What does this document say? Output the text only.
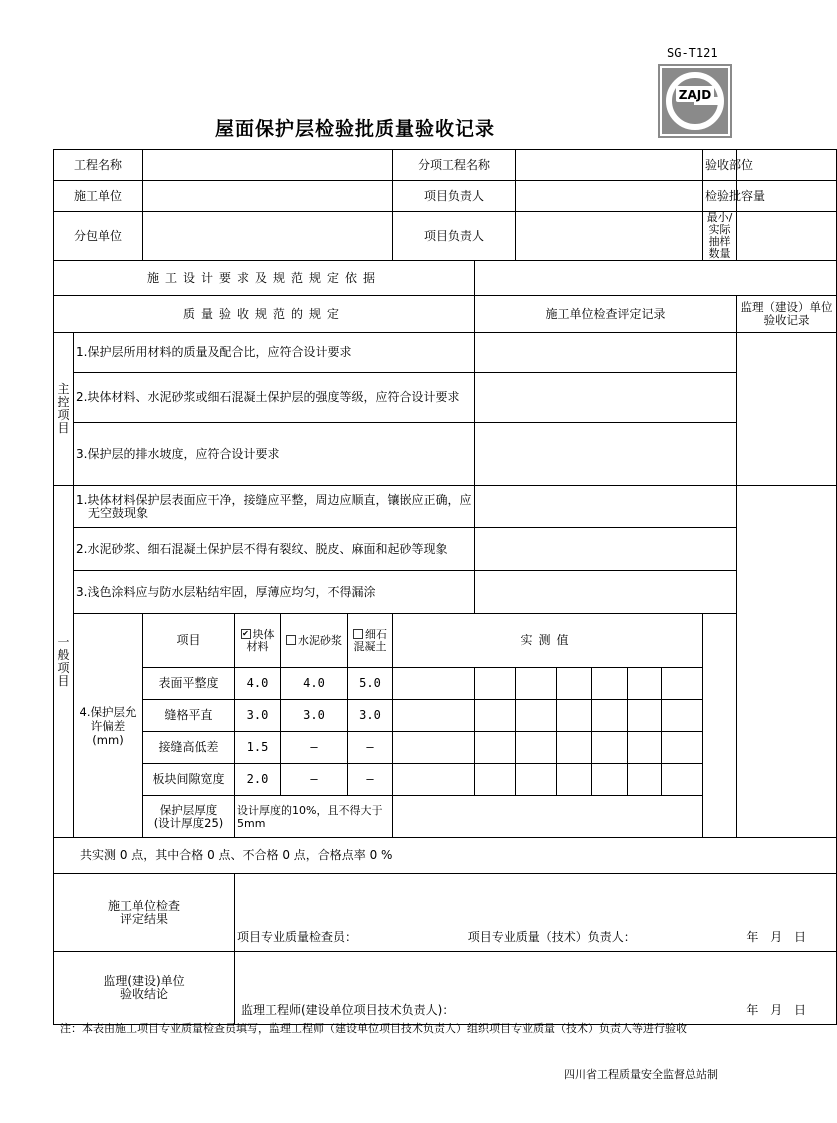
SG-T121
ZAJD
屋面保护层检验批质量验收记录
工程名称						分项工程名称							验收部位	
施工单位						项目负责人							检验批容量	
分包单位						项目负责人							最小/实际
抽样数量	
施工设计要求及规范规定依据														
质量验收规范的规定							施工单位检查评定记录							监理（建设）单位
验收记录
主
控
项
目	1.保护层所用材料的质量及配合比，应符合设计要求													
	2.块体材料、水泥砂浆或细石混凝土保护层的强度等级，应符合设计要求													
	3.保护层的排水坡度，应符合设计要求													
一
般
项
目	1.块体材料保护层表面应干净，接缝应平整，周边应顺直，镶嵌应正确，应无空鼓现象													
	2.水泥砂浆、细石混凝土保护层不得有裂纹、脱皮、麻面和起砂等现象													
	3.浅色涂料应与防水层粘结牢固，厚薄应均匀，不得漏涂													
	4.保护层允许偏差(mm)	项目	✔ 块体材料	水泥砂浆	细石混凝土	实测值								
		表面平整度	4.0	4.0	5.0									
		缝格平直	3.0	3.0	3.0									
		接缝高低差	1.5	—	—									
		板块间隙宽度	2.0	—	—									
		保护层厚度
(设计厚度25)	设计厚度的10%，且不得大于5mm											
共实测 0 点，其中合格 0 点、不合格 0 点，合格点率 0 %														
施工单位检查
评定结果			项目专业质量检查员： 项目专业质量（技术）负责人： 年 月 日											

监理(建设)单位
验收结论			监理工程师(建设单位项目技术负责人)： 年 月 日											
注：本表由施工项目专业质量检查员填写，监理工程师（建设单位项目技术负责人）组织项目专业质量（技术）负责人等进行验收
四川省工程质量安全监督总站制
